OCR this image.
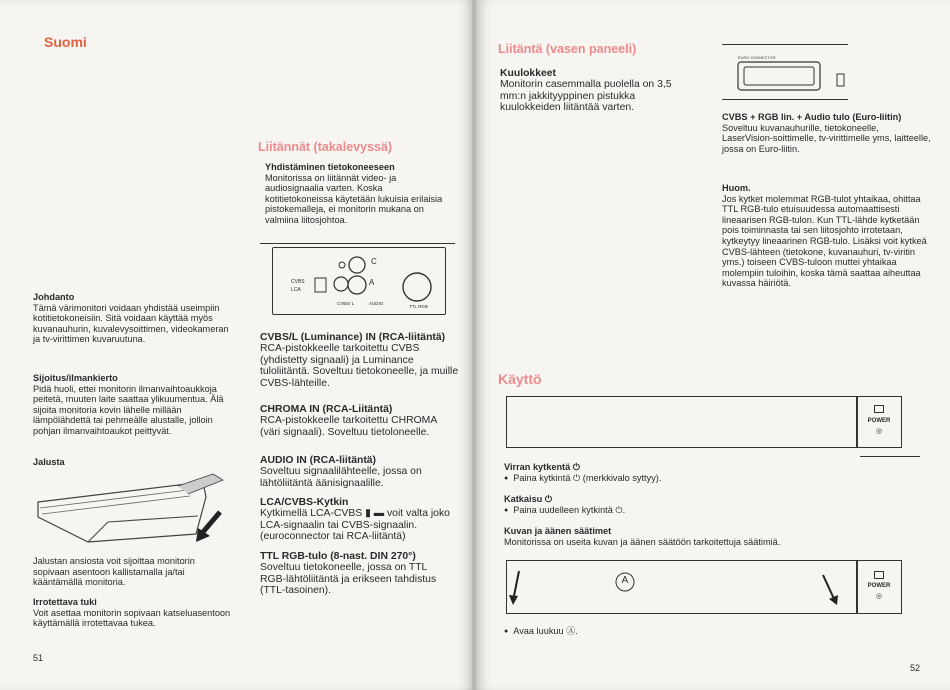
Suomi
Johdanto
Tämä värimonitori voidaan yhdistää useimpiin kotitietokoneisiin. Sitä voidaan käyttää myös kuvanauhurin, kuvalevysoittimen, videokameran ja tv-virittimen kuvaruutuna.
Sijoitus/ilmankierto
Pidä huoli, ettei monitorin ilmanvaihtoaukkoja peitetä, muuten laite saattaa ylikuumentua. Älä sijoita monitoria kovin lähelle millään lämpölähdettä tai pehmeälle alustalle, jolloin pohjan ilmanvaihtoaukot peittyvät.
Jalusta
Jalustan ansiosta voit sijoittaa monitorin sopivaan asentoon kallistamalla ja/tai kääntämällä monitoria.
Irrotettava tuki
Voit asettaa monitorin sopivaan katseluasentoon käyttämällä irrotettavaa tukea.
51
Liitännät (takalevyssä)
Yhdistäminen tietokoneeseen
Monitorissa on liitännät video- ja audiosignaalia varten. Koska kotitietokoneissa käytetään lukuisia erilaisia pistokemalleja, ei monitorin mukana on valmiina liitosjohtoa.
C
A
CVBS
LCA
CVBS/ L	AUDIO
TTL RGB
CVBS/L (Luminance) IN (RCA-liitäntä)
RCA-pistokkeelle tarkoitettu CVBS (yhdistetty signaali) ja Luminance tuloliitäntä. Soveltuu tietokoneelle, ja muille CVBS-lähteille.
CHROMA IN (RCA-Liitäntä)
RCA-pistokkeelle tarkoitettu CHROMA (väri signaali). Soveltuu tietoloneelle.
AUDIO IN (RCA-liitäntä)
Soveltuu signaalilähteelle, jossa on lähtöliitäntä äänisignaalille.
LCA/CVBS-Kytkin
Kytkimellä LCA-CVBS ▮ ▬ voit valta joko LCA-signaalin tai CVBS-signaalin. (euroconnector tai RCA-liitäntä)
TTL RGB-tulo (8-nast. DIN 270°)
Soveltuu tietokoneelle, jossa on TTL RGB-lähtöliitäntä ja erikseen tahdistus (TTL-tasoinen).
Liitäntä (vasen paneeli)
Kuulokkeet
Monitorin casemmalla puolella on 3,5 mm:n jakkityyppinen pistukka kuulokkeiden liitäntää varten.
EURO CONNECTOR
CVBS + RGB lin. + Audio tulo (Euro-liitin)
Soveltuu kuvanauhurille, tietokoneelle, LaserVision-soittimelle, tv-virittimelle yms, laitteelle, jossa on Euro-liitin.
Huom.
Jos kytket molemmat RGB-tulot yhtaikaa, ohittaa TTL RGB-tulo etuisuudessa automaattisesti lineaarisen RGB-tulon. Kun TTL-lähde kytketään pois toiminnasta tai sen liitosjohto irrotetaan, kytkeytyy lineaarinen RGB-tulo. Lisäksi voit kytkeä CVBS-lähteen (tietokone, kuvanauhuri, tv-viritin yms.) toiseen CVBS-tuloon muttei yhtaikaa molempiin tuloihin, koska tämä saattaa aiheuttaa kuvassa häiriötä.
Käyttö
POWER
◎
Virran kytkentä ⏻
● Paina kytkintä ⏻ (merkkivalo syttyy).
Katkaisu ⏻
● Paina uudelleen kytkintä ⏻.
Kuvan ja äänen säätimet
Monitorissa on useita kuvan ja äänen säätöön tarkoitettuja säätimiä.
A	POWER
◎
● Avaa luukuu Ⓐ.
52
